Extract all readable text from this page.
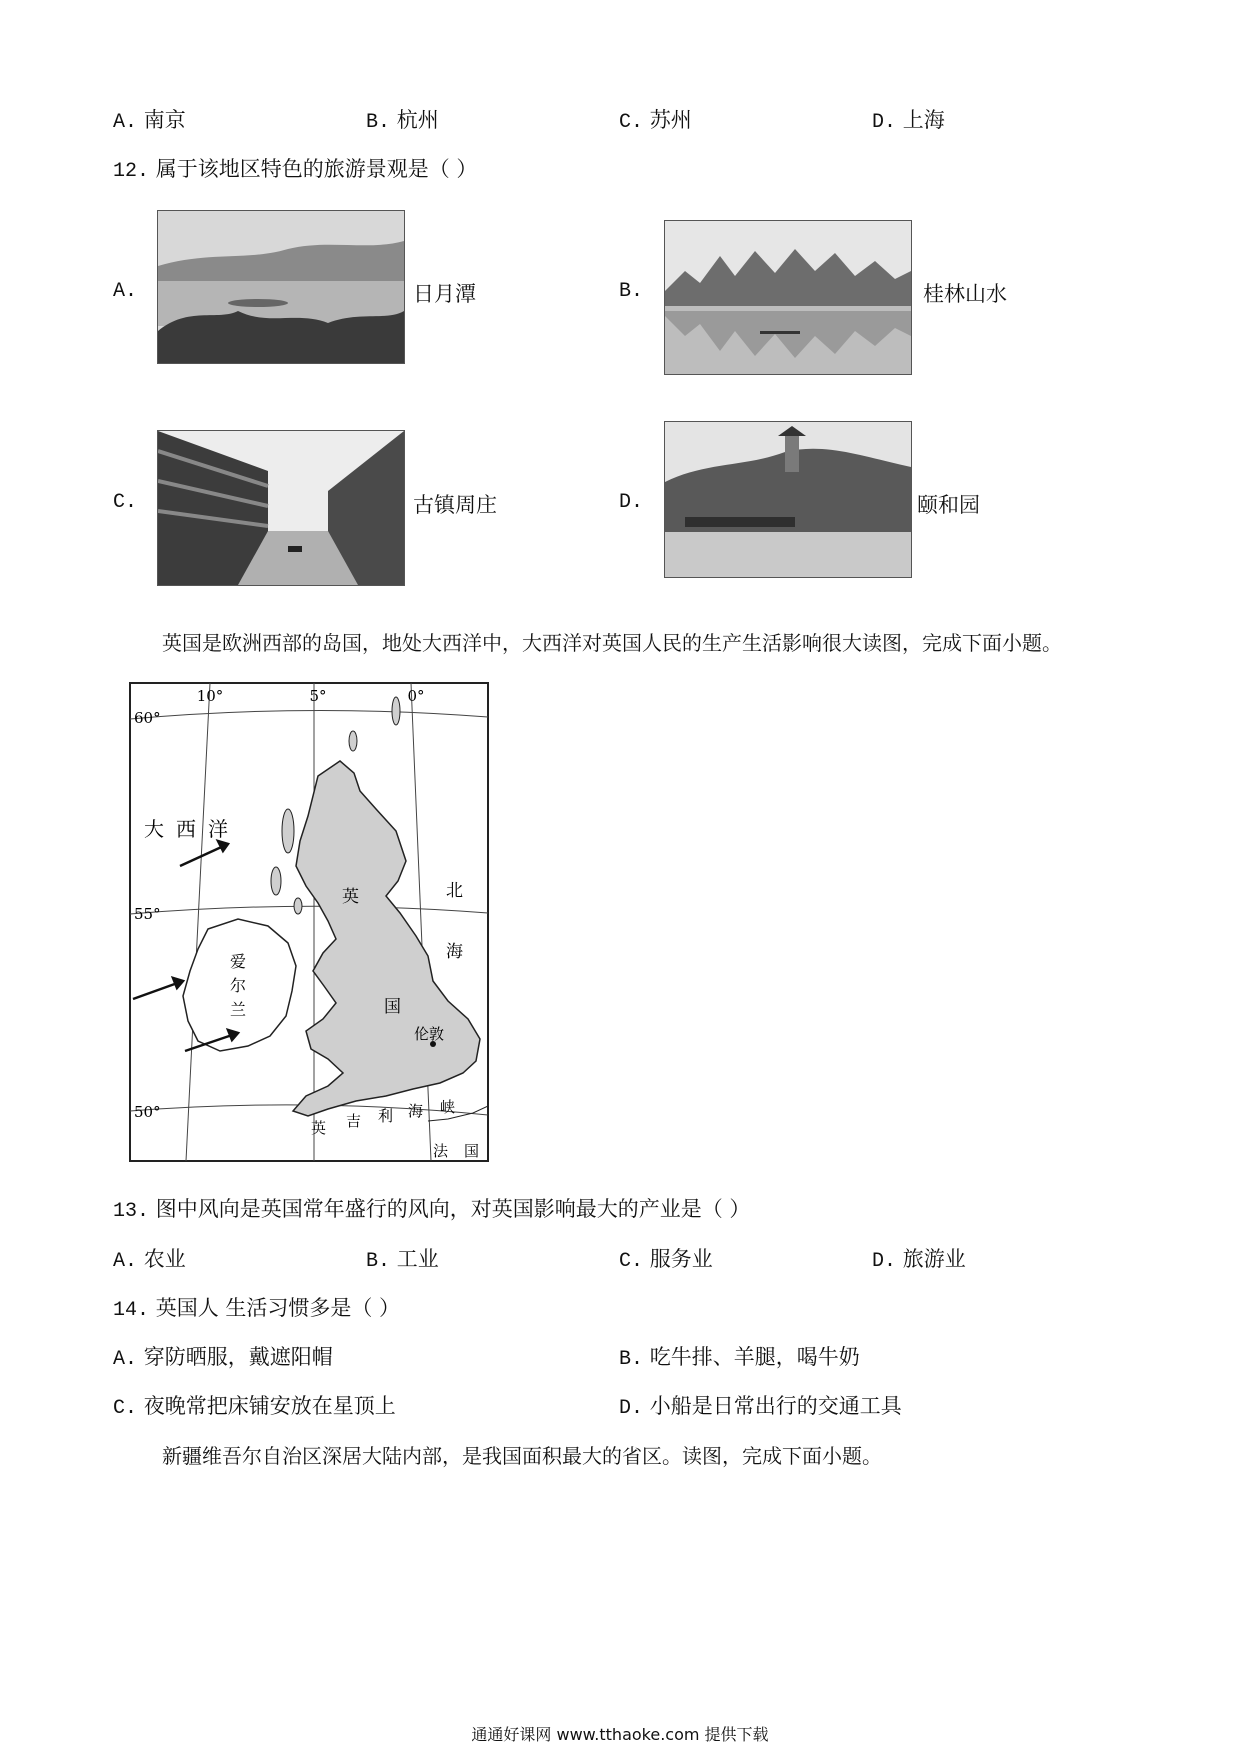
A. 南京	B. 杭州	C. 苏州	D. 上海
12. 属于该地区特色的旅游景观是（ ）
A.	日月潭	B.	桂林山水
C.	古镇周庄	D.	颐和园
英国是欧洲西部的岛国，地处大西洋中，大西洋对英国人民的生产生活影响很大读图，完成下面小题。
10°	5°	0°
60°
55°
50°
大 西 洋
北
海
英
国
爱
尔
兰
伦敦
英 吉 利 海 峡
法 国
13. 图中风向是英国常年盛行的风向，对英国影响最大的产业是（ ）
A. 农业	B. 工业	C. 服务业	D. 旅游业
14. 英国人 生活习惯多是（ ）
A. 穿防晒服，戴遮阳帽	B. 吃牛排、羊腿，喝牛奶
C. 夜晚常把床铺安放在星顶上	D. 小船是日常出行的交通工具
新疆维吾尔自治区深居大陆内部，是我国面积最大的省区。读图，完成下面小题。
通通好课网 www.tthaoke.com 提供下载
